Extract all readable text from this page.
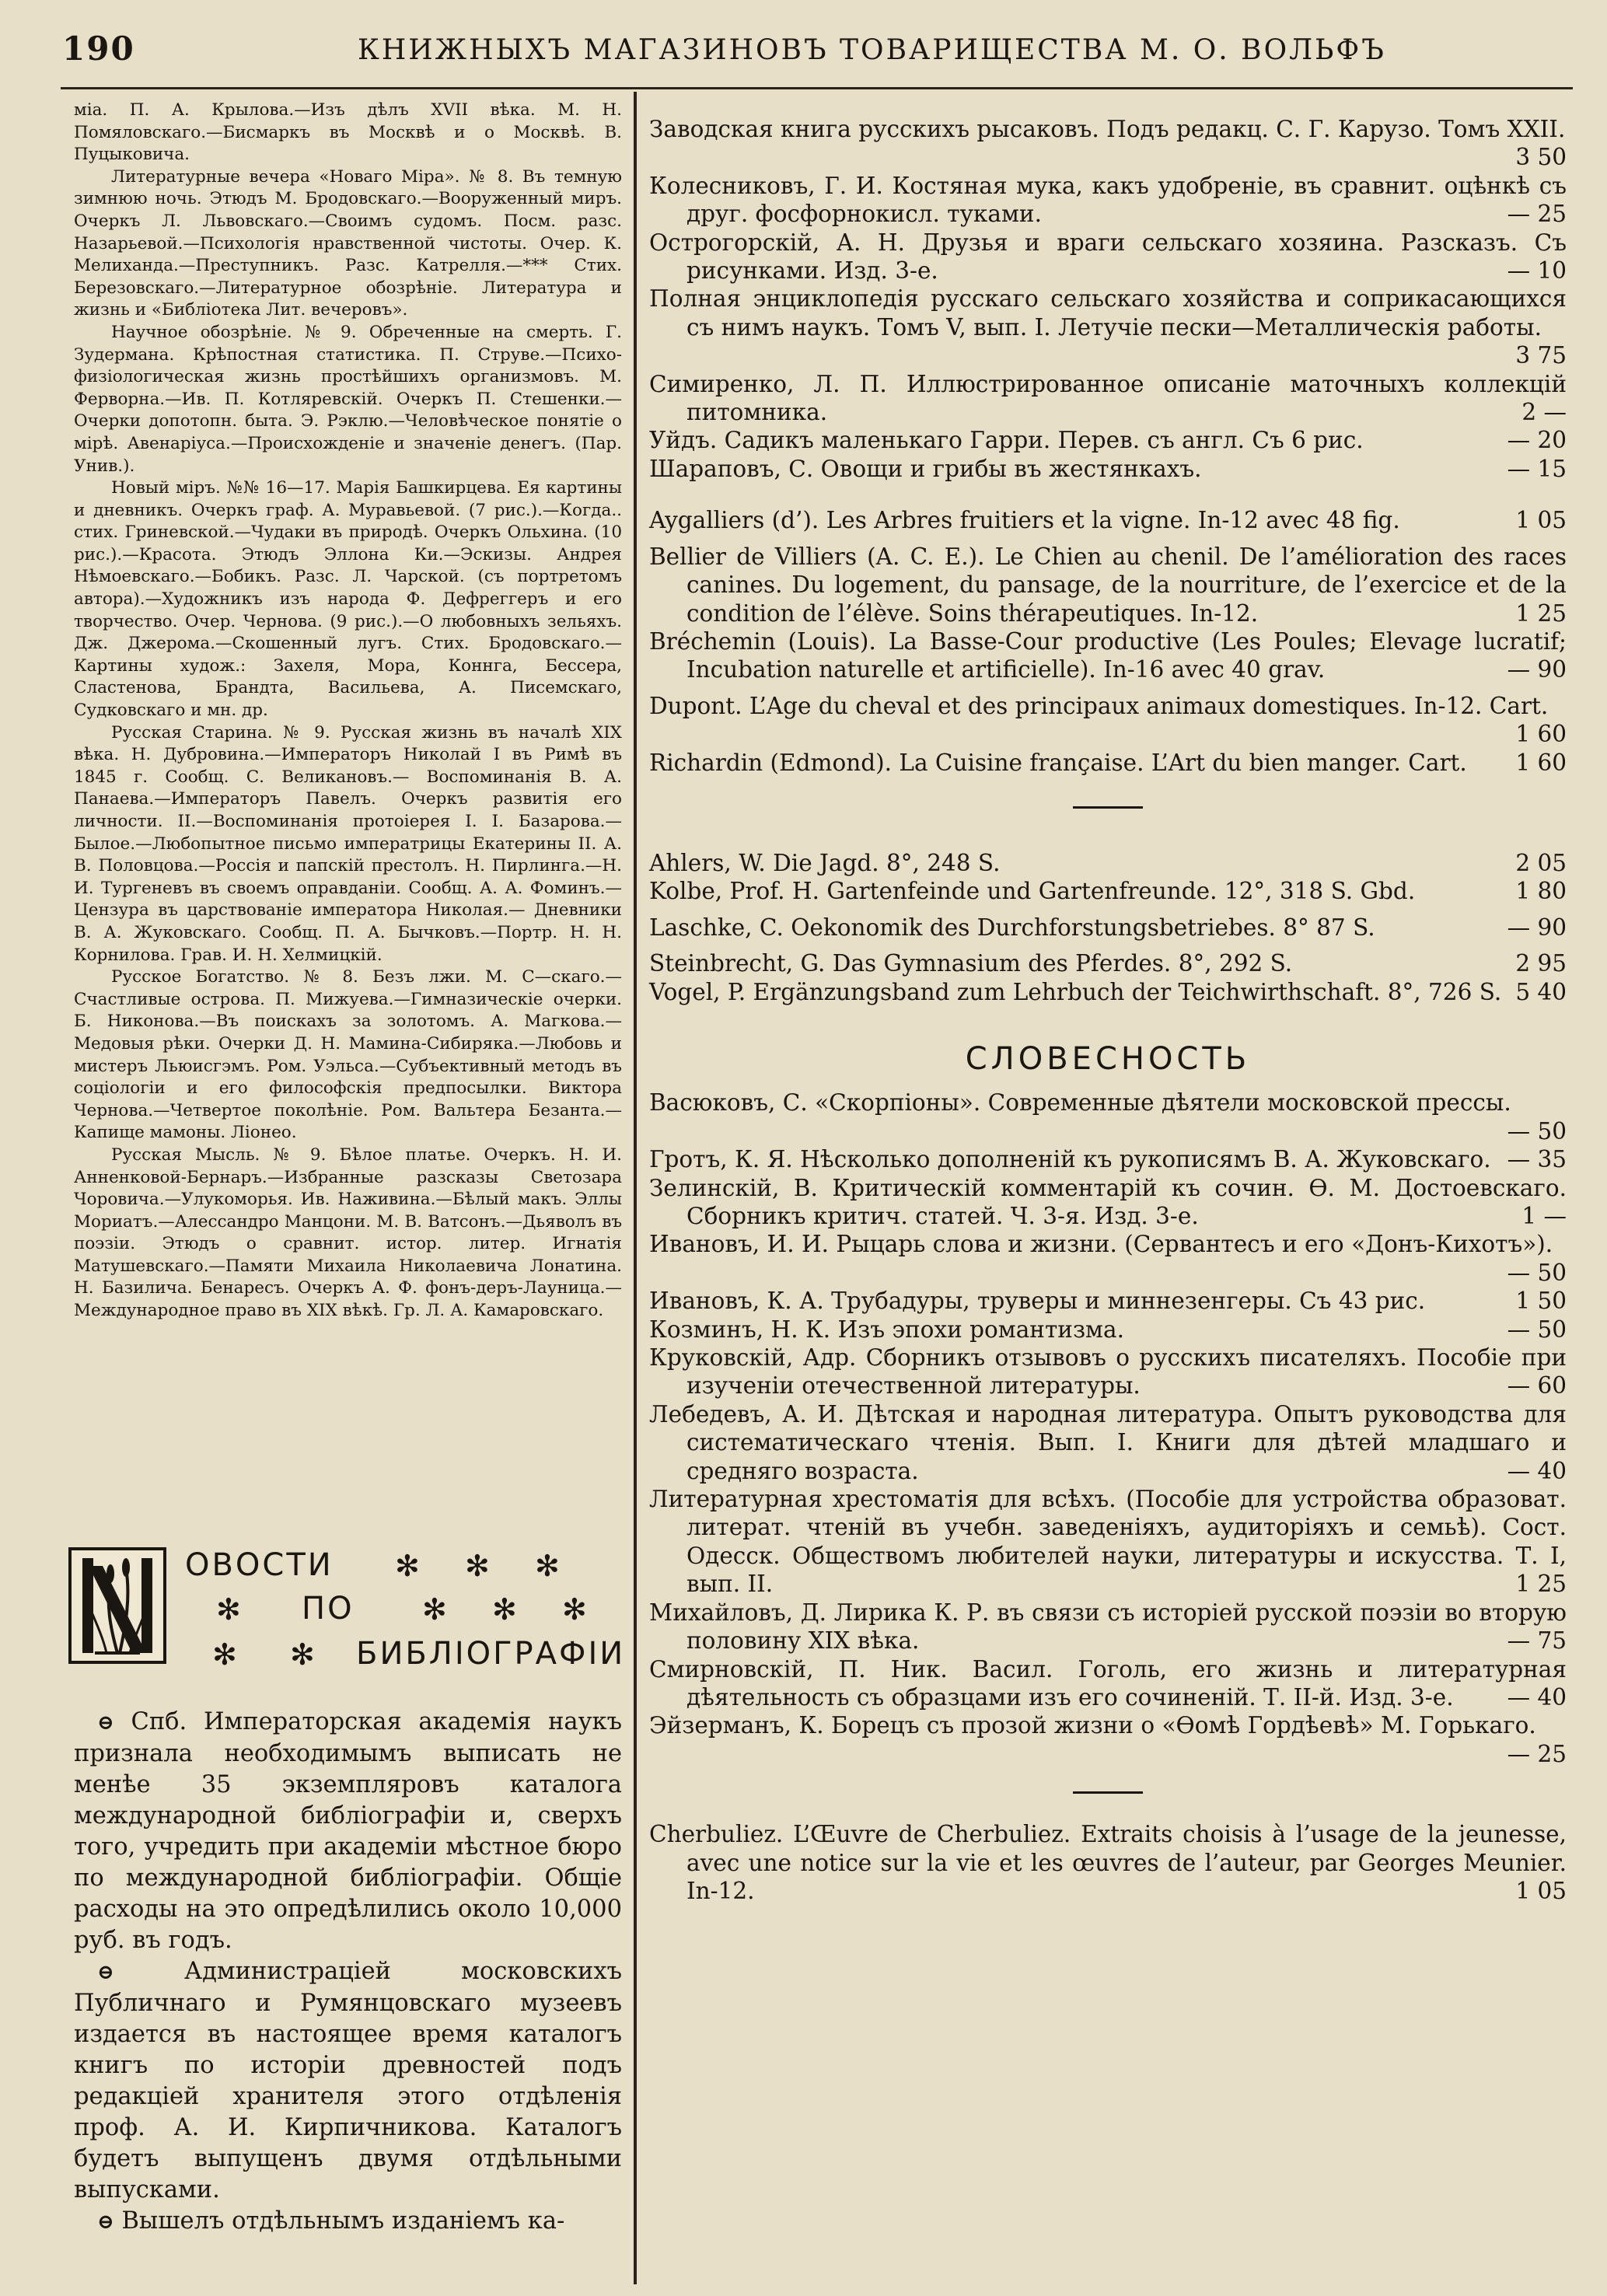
190	КНИЖНЫХЪ МАГАЗИНОВЪ ТОВАРИЩЕСТВА М. О. ВОЛЬФЪ

міа. П. А. Крылова.—Изъ дѣлъ XVII вѣка. М. Н. Помяловскаго.—Бисмаркъ въ Москвѣ и о Москвѣ. В. Пуцыковича.

Литературные вечера «Новаго Міра». № 8. Въ темную зимнюю ночь. Этюдъ М. Бродовскаго.—Вооруженный миръ. Очеркъ Л. Львовскаго.—Своимъ судомъ. Посм. разс. Назарьевой.—Психологія нравственной чистоты. Очер. К. Мелиханда.—Преступникъ. Разс. Катрелля.—*** Стих. Березовскаго.—Литературное обозрѣніе. Литература и жизнь и «Библіотека Лит. вечеровъ».

Научное обозрѣніе. № 9. Обреченные на смерть. Г. Зудермана. Крѣпостная статистика. П. Струве.—Психо-физіологическая жизнь простѣйшихъ организмовъ. М. Ферворна.—Ив. П. Котляревскій. Очеркъ П. Стешенки.—Очерки допотопн. быта. Э. Рэклю.—Человѣческое понятіе о мірѣ. Авенаріуса.—Происхожденіе и значеніе денегъ. (Пар. Унив.).

Новый міръ. №№ 16—17. Марія Башкирцева. Ея картины и дневникъ. Очеркъ граф. А. Муравьевой. (7 рис.).—Когда.. стих. Гриневской.—Чудаки въ природѣ. Очеркъ Ольхина. (10 рис.).—Красота. Этюдъ Эллона Ки.—Эскизы. Андрея Нѣмоевскаго.—Бобикъ. Разс. Л. Чарской. (съ портретомъ автора).—Художникъ изъ народа Ф. Дефреггеръ и его творчество. Очер. Чернова. (9 рис.).—О любовныхъ зельяхъ. Дж. Джерома.—Скошенный лугъ. Стих. Бродовскаго.—Картины худож.: Захеля, Мора, Коннга, Бессера, Сластенова, Брандта, Васильева, А. Писемскаго, Судковскаго и мн. др.

Русская Старина. № 9. Русская жизнь въ началѣ XIX вѣка. Н. Дубровина.—Императоръ Николай I въ Римѣ въ 1845 г. Сообщ. С. Великановъ.— Воспоминанія В. А. Панаева.—Императоръ Павелъ. Очеркъ развитія его личности. II.—Воспоминанія протоіерея I. I. Базарова.—Былое.—Любопытное письмо императрицы Екатерины II. А. В. Половцова.—Россія и папскій престолъ. Н. Пирлинга.—Н. И. Тургеневъ въ своемъ оправданіи. Сообщ. А. А. Фоминъ.—Цензура въ царствованіе императора Николая.— Дневники В. А. Жуковскаго. Сообщ. П. А. Бычковъ.—Портр. Н. Н. Корнилова. Грав. И. Н. Хелмицкій.

Русское Богатство. № 8. Безъ лжи. М. С—скаго.—Счастливые острова. П. Мижуева.—Гимназическіе очерки. Б. Никонова.—Въ поискахъ за золотомъ. А. Магкова.—Медовыя рѣки. Очерки Д. Н. Мамина-Сибиряка.—Любовь и мистеръ Льюисгэмъ. Ром. Уэльса.—Субъективный методъ въ соціологіи и его философскія предпосылки. Виктора Чернова.—Четвертое поколѣніе. Ром. Вальтера Безанта.—Капище мамоны. Ліонео.

Русская Мысль. № 9. Бѣлое платье. Очеркъ. Н. И. Анненковой-Бернаръ.—Избранные разсказы Светозара Чоровича.—Улукоморья. Ив. Наживина.—Бѣлый макъ. Эллы Мориатъ.—Алессандро Манцони. М. В. Ватсонъ.—Дьяволъ въ поэзіи. Этюдъ о сравнит. истор. литер. Игнатія Матушевскаго.—Памяти Михаила Николаевича Лонатина. Н. Базилича. Бенаресъ. Очеркъ А. Ф. фонъ-деръ-Лауница.—Международное право въ XIX вѣкѣ. Гр. Л. А. Камаровскаго.

ОВОСТИ ✻ ✻ ✻
✻ ПО ✻ ✻ ✻
✻ ✻ БИБЛІОГРАФІИ

⊖ Спб. Императорская академія наукъ признала необходимымъ выписать не менѣе 35 экземпляровъ каталога международной библіографіи и, сверхъ того, учредить при академіи мѣстное бюро по международной библіографіи. Общіе расходы на это опредѣлились около 10,000 руб. въ годъ.

⊖	Администраціей московскихъ Публичнаго и Румянцовскаго музеевъ издается въ настоящее время каталогъ книгъ по исторіи древностей подъ редакціей хранителя этого отдѣленія проф. А. И. Кирпичникова. Каталогъ будетъ выпущенъ двумя отдѣльными выпусками.

⊖ Вышелъ отдѣльнымъ изданіемъ ка-

Заводская книга русскихъ рысаковъ. Подъ редакц. С. Г. Карузо. Томъ XXII.
3 50
Колесниковъ, Г. И. Костяная мука, какъ удобреніе, въ сравнит. оцѣнкѣ съ друг. фосфорнокисл. туками.	— 25
Острогорскій, А. Н. Друзья и враги сельскаго хозяина. Разсказъ. Съ рисунками. Изд. 3-е.	— 10
Полная энциклопедія русскаго сельскаго хозяйства и соприкасающихся съ нимъ наукъ. Томъ V, вып. I. Летучіе пески—Металлическія работы.
3 75
Симиренко, Л. П. Иллюстрированное описаніе маточныхъ коллекцій питомника.	2 —
Уйдъ. Садикъ маленькаго Гарри. Перев. съ англ. Съ 6 рис.	— 20
Шараповъ, С. Овощи и грибы въ жестянкахъ.	— 15
Aygalliers (d’). Les Arbres fruitiers et la vigne. In-12 avec 48 fig.	1 05
Bellier de Villiers (A. C. E.). Le Chien au chenil. De l’amélioration des races canines. Du logement, du pansage, de la nourriture, de l’exercice et de la condition de l’élève. Soins thérapeutiques. In-12.	1 25
Bréchemin (Louis). La Basse-Cour productive (Les Poules; Elevage lucratif; Incubation naturelle et artificielle). In-16 avec 40 grav.	— 90
Dupont. L’Age du cheval et des principaux animaux domestiques. In-12. Cart.
1 60
Richardin (Edmond). La Cuisine française. L’Art du bien manger. Cart.	1 60
Ahlers, W. Die Jagd. 8°, 248 S.	2 05
Kolbe, Prof. H. Gartenfeinde und Gartenfreunde. 12°, 318 S. Gbd.	1 80
Laschke, C. Oekonomik des Durchforstungsbetriebes. 8° 87 S.	— 90
Steinbrecht, G. Das Gymnasium des Pferdes. 8°, 292 S.	2 95
Vogel, P. Ergänzungsband zum Lehrbuch der Teichwirthschaft. 8°, 726 S. 5 40
СЛОВЕСНОСТЬ
Васюковъ, С. «Скорпіоны». Современные дѣятели московской прессы.
— 50
Гротъ, К. Я. Нѣсколько дополненій къ рукописямъ В. А. Жуковскаго. — 35
Зелинскій, В. Критическій комментарій къ сочин. Ѳ. М. Достоевскаго. Сборникъ критич. статей. Ч. 3-я. Изд. 3-е.	1 —
Ивановъ, И. И. Рыцарь слова и жизни. (Сервантесъ и его «Донъ-Кихотъ»).
— 50
Ивановъ, К. А. Трубадуры, труверы и миннезенгеры. Съ 43 рис.	1 50
Козминъ, Н. К. Изъ эпохи романтизма.	— 50
Круковскій, Адр. Сборникъ отзывовъ о русскихъ писателяхъ. Пособіе при изученіи отечественной литературы.	— 60
Лебедевъ, А. И. Дѣтская и народная литература. Опытъ руководства для систематическаго чтенія. Вып. I. Книги для дѣтей младшаго и средняго возраста.	— 40
Литературная хрестоматія для всѣхъ. (Пособіе для устройства образоват. литерат. чтеній въ учебн. заведеніяхъ, аудиторіяхъ и семьѣ). Сост. Одесск. Обществомъ любителей науки, литературы и искусства. Т. I, вып. II.	1 25
Михайловъ, Д. Лирика К. Р. въ связи съ исторіей русской поэзіи во вторую половину XIX вѣка.	— 75
Смирновскій, П. Ник. Васил. Гоголь, его жизнь и литературная дѣятельность съ образцами изъ его сочиненій. Т. II-й. Изд. 3-е.	— 40
Эйзерманъ, К. Борецъ съ прозой жизни о «Ѳомѣ Гордѣевѣ» М. Горькаго.
— 25
Cherbuliez. L’Œuvre de Cherbuliez. Extraits choisis à l’usage de la jeunesse, avec une notice sur la vie et les œuvres de l’auteur, par Georges Meunier. In-12.	1 05
